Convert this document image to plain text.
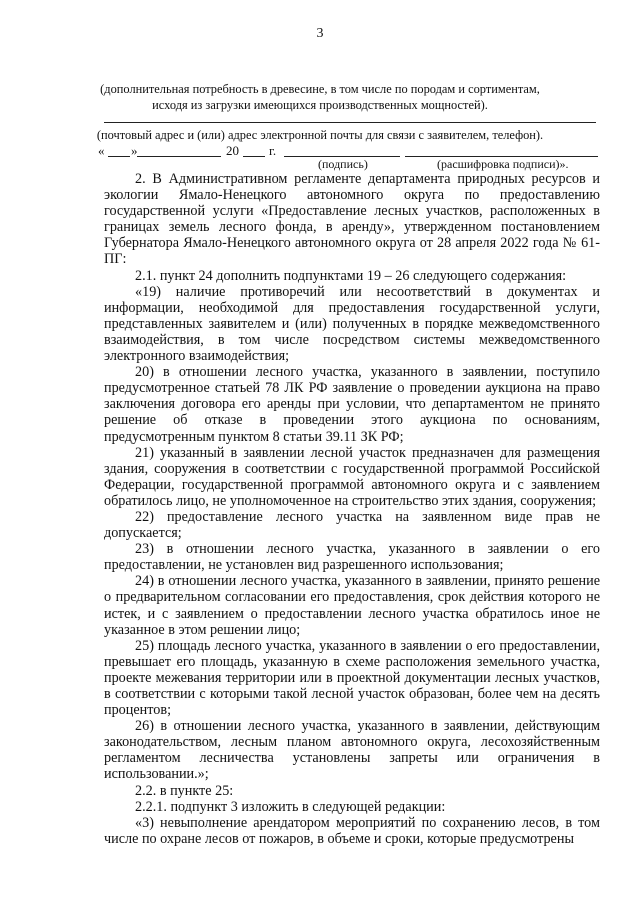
3
(дополнительная потребность в древесине, в том числе по породам и сортиментам, исходя из загрузки имеющихся производственных мощностей).
(почтовый адрес и (или) адрес электронной почты для связи с заявителем, телефон).
« »	20 г.
(подпись)	(расшифровка подписи)».

2. В Административном регламенте департамента природных ресурсов и экологии Ямало-Ненецкого автономного округа по предоставлению государственной услуги «Предоставление лесных участков, расположенных в границах земель лесного фонда, в аренду», утвержденном постановлением Губернатора Ямало-Ненецкого автономного округа от 28 апреля 2022 года № 61-ПГ:

2.1. пункт 24 дополнить подпунктами 19 – 26 следующего содержания:

«19) наличие противоречий или несоответствий в документах и информации, необходимой для предоставления государственной услуги, представленных заявителем и (или) полученных в порядке межведомственного взаимодействия, в том числе посредством системы межведомственного электронного взаимодействия;

20) в отношении лесного участка, указанного в заявлении, поступило предусмотренное статьей 78 ЛК РФ заявление о проведении аукциона на право заключения договора его аренды при условии, что департаментом не принято решение об отказе в проведении этого аукциона по основаниям, предусмотренным пунктом 8 статьи 39.11 ЗК РФ;

21) указанный в заявлении лесной участок предназначен для размещения здания, сооружения в соответствии с государственной программой Российской Федерации, государственной программой автономного округа и с заявлением обратилось лицо, не уполномоченное на строительство этих здания, сооружения;

22) предоставление лесного участка на заявленном виде прав не допускается;

23) в отношении лесного участка, указанного в заявлении о его предоставлении, не установлен вид разрешенного использования;

24) в отношении лесного участка, указанного в заявлении, принято решение о предварительном согласовании его предоставления, срок действия которого не истек, и с заявлением о предоставлении лесного участка обратилось иное не указанное в этом решении лицо;

25) площадь лесного участка, указанного в заявлении о его предоставлении, превышает его площадь, указанную в схеме расположения земельного участка, проекте межевания территории или в проектной документации лесных участков, в соответствии с которыми такой лесной участок образован, более чем на десять процентов;

26) в отношении лесного участка, указанного в заявлении, действующим законодательством, лесным планом автономного округа, лесохозяйственным регламентом лесничества установлены запреты или ограничения в использовании.»;

2.2. в пункте 25:

2.2.1. подпункт 3 изложить в следующей редакции:

«3) невыполнение арендатором мероприятий по сохранению лесов, в том числе по охране лесов от пожаров, в объеме и сроки, которые предусмотрены
